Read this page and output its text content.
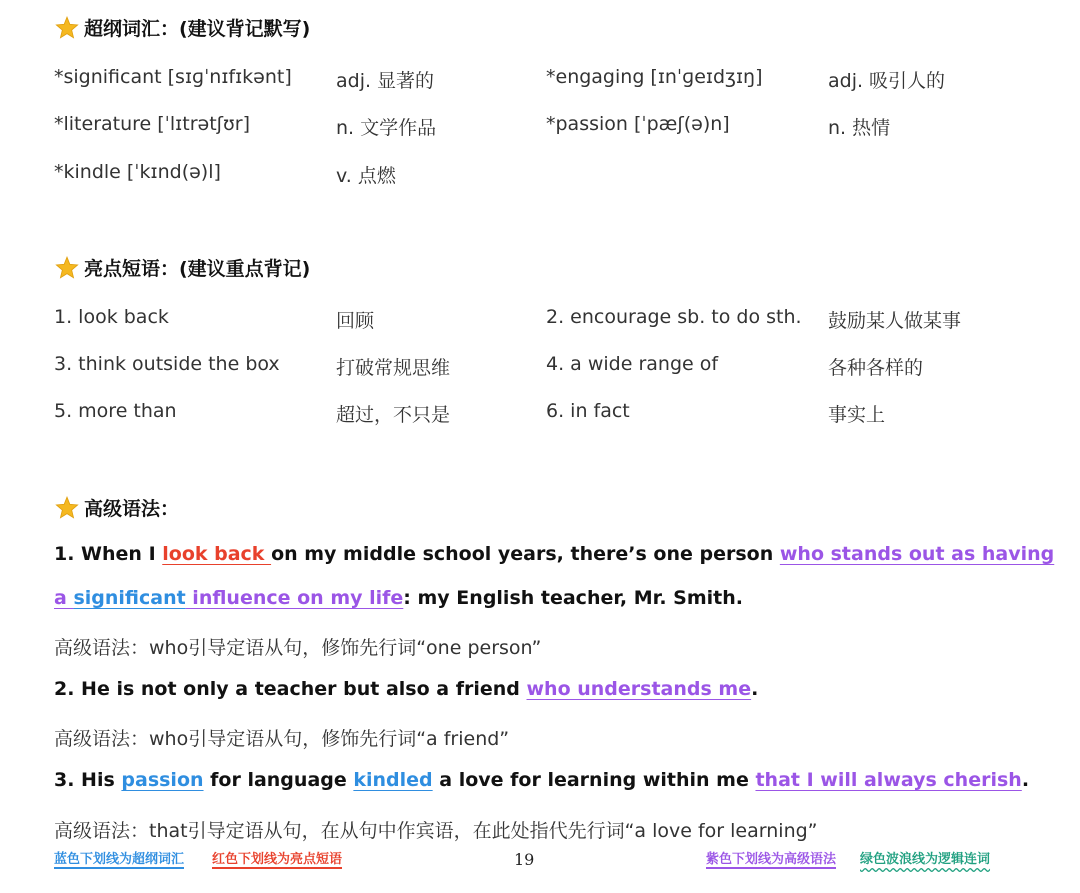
超纲词汇：(建议背记默写)
*significant [sɪɡˈnɪfɪkənt] adj. 显著的	*engaging [ɪnˈɡeɪdʒɪŋ]	adj. 吸引人的
*literature [ˈlɪtrətʃʊr]	n. 文学作品	*passion [ˈpæʃ(ə)n]	n. 热情
*kindle [ˈkɪnd(ə)l]	v. 点燃
亮点短语：(建议重点背记)
1. look back	回顾	2. encourage sb. to do sth. 鼓励某人做某事
3. think outside the box	打破常规思维	4. a wide range of	各种各样的
5. more than	超过，不只是	6. in fact	事实上
高级语法：
1. When I look back on my middle school years, there’s one person who stands out as having
a significant influence on my life: my English teacher, Mr. Smith.
高级语法：who引导定语从句，修饰先行词“one person”
2. He is not only a teacher but also a friend who understands me.
高级语法：who引导定语从句，修饰先行词“a friend”
3. His passion for language kindled a love for learning within me that I will always cherish.
高级语法：that引导定语从句，在从句中作宾语，在此处指代先行词“a love for learning”
蓝色下划线为超纲词汇 红色下划线为亮点短语	19	紫色下划线为高级语法 绿色波浪线为逻辑连词
